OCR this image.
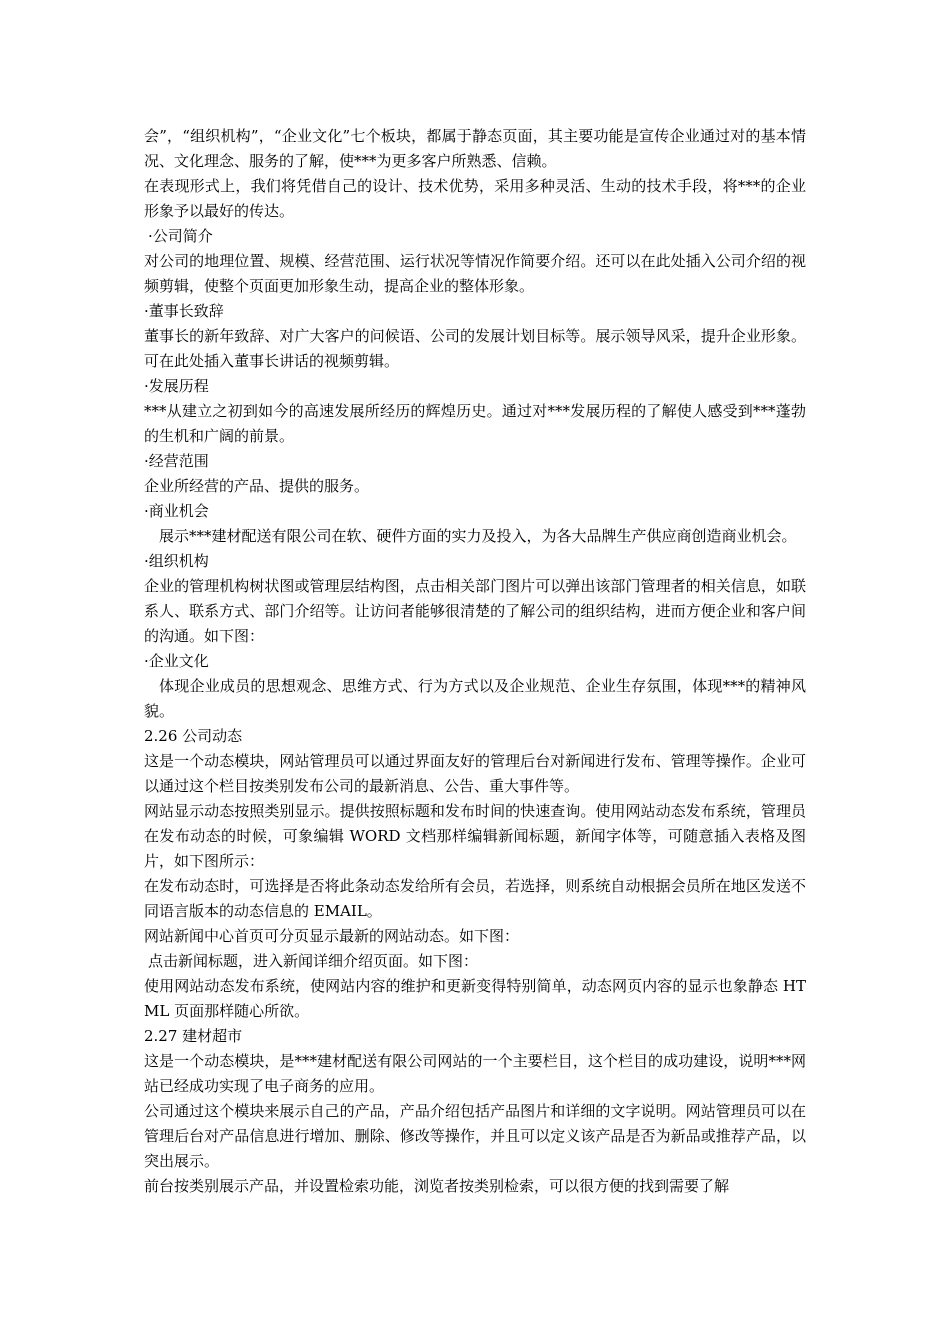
会”，“组织机构”，“企业文化”七个板块，都属于静态页面，其主要功能是宣传企业通过对的基本情况、文化理念、服务的了解，使***为更多客户所熟悉、信赖。

在表现形式上，我们将凭借自己的设计、技术优势，采用多种灵活、生动的技术手段，将***的企业形象予以最好的传达。

·公司简介

对公司的地理位置、规模、经营范围、运行状况等情况作简要介绍。还可以在此处插入公司介绍的视频剪辑，使整个页面更加形象生动，提高企业的整体形象。

·董事长致辞

董事长的新年致辞、对广大客户的问候语、公司的发展计划目标等。展示领导风采，提升企业形象。可在此处插入董事长讲话的视频剪辑。

·发展历程

***从建立之初到如今的高速发展所经历的辉煌历史。通过对***发展历程的了解使人感受到***蓬勃的生机和广阔的前景。

·经营范围

企业所经营的产品、提供的服务。

·商业机会

展示***建材配送有限公司在软、硬件方面的实力及投入，为各大品牌生产供应商创造商业机会。

·组织机构

企业的管理机构树状图或管理层结构图，点击相关部门图片可以弹出该部门管理者的相关信息，如联系人、联系方式、部门介绍等。让访问者能够很清楚的了解公司的组织结构，进而方便企业和客户间的沟通。如下图：

·企业文化

体现企业成员的思想观念、思维方式、行为方式以及企业规范、企业生存氛围，体现***的精神风貌。

2.26 公司动态

这是一个动态模块，网站管理员可以通过界面友好的管理后台对新闻进行发布、管理等操作。企业可以通过这个栏目按类别发布公司的最新消息、公告、重大事件等。

网站显示动态按照类别显示。提供按照标题和发布时间的快速查询。使用网站动态发布系统，管理员在发布动态的时候，可象编辑 WORD 文档那样编辑新闻标题，新闻字体等，可随意插入表格及图片，如下图所示：

在发布动态时，可选择是否将此条动态发给所有会员，若选择，则系统自动根据会员所在地区发送不同语言版本的动态信息的 EMAIL。

网站新闻中心首页可分页显示最新的网站动态。如下图：

点击新闻标题，进入新闻详细介绍页面。如下图：

使用网站动态发布系统，使网站内容的维护和更新变得特别简单，动态网页内容的显示也象静态 HTML 页面那样随心所欲。

2.27 建材超市

这是一个动态模块，是***建材配送有限公司网站的一个主要栏目，这个栏目的成功建设，说明***网站已经成功实现了电子商务的应用。

公司通过这个模块来展示自己的产品，产品介绍包括产品图片和详细的文字说明。网站管理员可以在管理后台对产品信息进行增加、删除、修改等操作，并且可以定义该产品是否为新品或推荐产品，以突出展示。

前台按类别展示产品，并设置检索功能，浏览者按类别检索，可以很方便的找到需要了解
